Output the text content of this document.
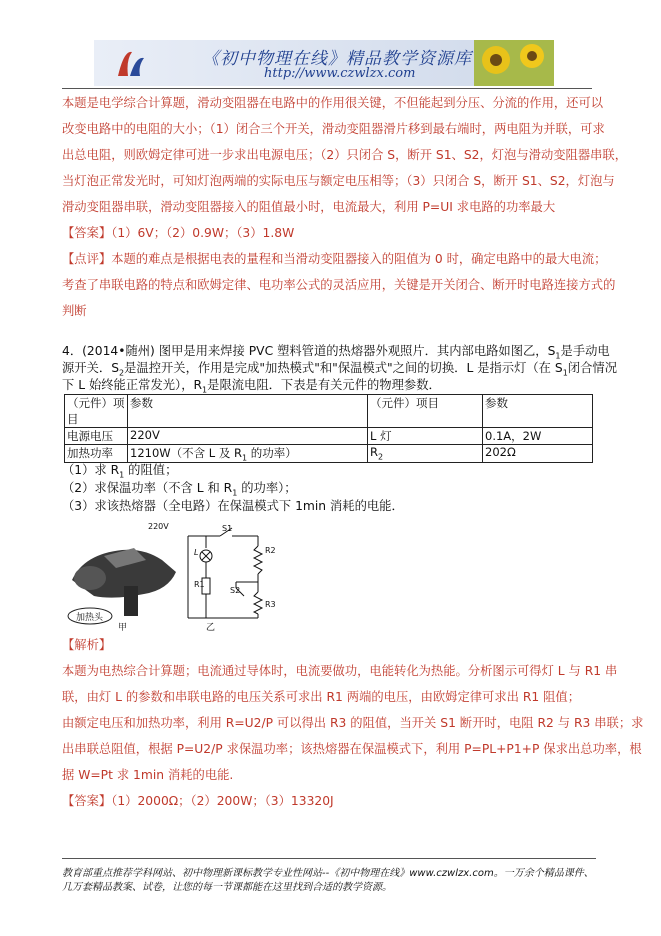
《初中物理在线》精品教学资源库
http://www.czwlzx.com
本题是电学综合计算题，滑动变阻器在电路中的作用很关键，不但能起到分压、分流的作用，还可以
改变电路中的电阻的大小；（1）闭合三个开关，滑动变阻器滑片移到最右端时，两电阻为并联，可求
出总电阻，则欧姆定律可进一步求出电源电压；（2）只闭合 S，断开 S1、S2，灯泡与滑动变阻器串联，
当灯泡正常发光时，可知灯泡两端的实际电压与额定电压相等；（3）只闭合 S，断开 S1、S2，灯泡与
滑动变阻器串联，滑动变阻器接入的阻值最小时，电流最大，利用 P=UI 求电路的功率最大
【答案】（1）6V；（2）0.9W；（3）1.8W
【点评】本题的难点是根据电表的量程和当滑动变阻器接入的阻值为 0 时，确定电路中的最大电流；
考查了串联电路的特点和欧姆定律、电功率公式的灵活应用，关键是开关闭合、断开时电路连接方式的
判断
4．(2014•随州) 图甲是用来焊接 PVC 塑料管道的热熔器外观照片．其内部电路如图乙，$S_1$是手动电
源开关．$S_2$是温控开关，作用是完成"加热模式"和"保温模式"之间的切换．L 是指示灯（在 $S_1$闭合情况
下 L 始终能正常发光），$R_1$是限流电阻．下表是有关元件的物理参数．
（元件）项目	参数	（元件）项目	参数
电源电压	220V	L 灯	0.1A，2W
加热功率	1210W（不含 L 及 $R_1$ 的功率）	$R_2$	202Ω
（1）求 $R_1$ 的阻值；
（2）求保温功率（不含 L 和 $R_1$ 的功率）；
（3）求该热熔器（全电路）在保温模式下 1min 消耗的电能．
加热头
甲
220V	S1
L
R1
R2
S2
R3
乙
【解析】
本题为电热综合计算题；电流通过导体时，电流要做功，电能转化为热能。分析图示可得灯 L 与 R1 串
联，由灯 L 的参数和串联电路的电压关系可求出 R1 两端的电压，由欧姆定律可求出 R1 阻值；
由额定电压和加热功率，利用 R=U2/P 可以得出 R3 的阻值，当开关 S1 断开时，电阻 R2 与 R3 串联；求
出串联总阻值，根据 P=U2/P 求保温功率；该热熔器在保温模式下，利用 P=PL+P1+P 保求出总功率，根
据 W=Pt 求 1min 消耗的电能.
【答案】（1）2000Ω；（2）200W；（3）13320J
教育部重点推荐学科网站、初中物理新课标教学专业性网站--《初中物理在线》www.czwlzx.com。一万余个精品课件、
几万套精品教案、试卷，让您的每一节课都能在这里找到合适的教学资源。
